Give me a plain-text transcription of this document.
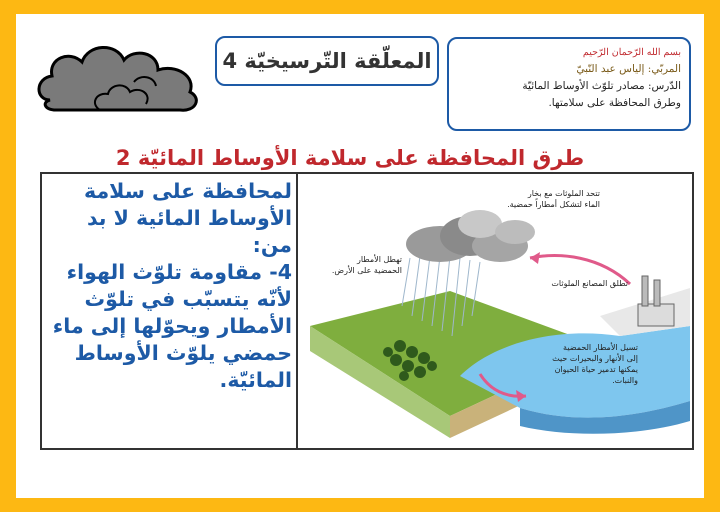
المعلّقة التّرسيخيّة 4	بسم الله الرّحمان الرّحيم
المربّي: إلياس عبد النّبيّ
الدّرس: مصادر تلوّث الأوساط المائيّة
وطرق المحافظة على سلامتها.
طرق المحافظة على سلامة الأوساط المائيّة 2
لمحافظة على سلامة
الأوساط المائية لا بد
من:
4- مقاومة تلوّث الهواء
لأنّه يتسبّب في تلوّث
الأمطار ويحوّلها إلى ماء
حمضي يلوّث الأوساط
المائيّة.
تتحد الملوثات مع بخار
الماء لتشكل أمطاراً حمضية.
تهطل الأمطار
الحمضية على الأرض.
تطلق المصانع الملوثات
تسيل الأمطار الحمضية
إلى الأنهار والبحيرات حيث
يمكنها تدمير حياة الحيوان
والنبات.
